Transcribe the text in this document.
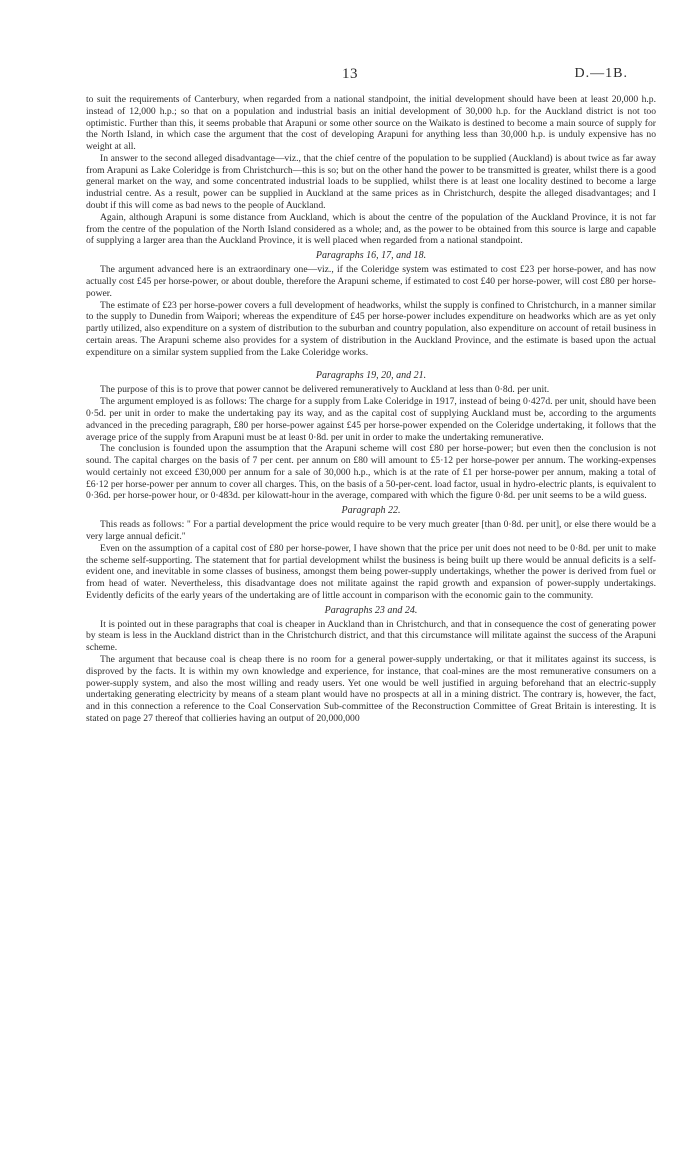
13	D.—1B.

to suit the requirements of Canterbury, when regarded from a national standpoint, the initial development should have been at least 20,000 h.p. instead of 12,000 h.p.; so that on a population and industrial basis an initial development of 30,000 h.p. for the Auckland district is not too optimistic. Further than this, it seems probable that Arapuni or some other source on the Waikato is destined to become a main source of supply for the North Island, in which case the argument that the cost of developing Arapuni for anything less than 30,000 h.p. is unduly expensive has no weight at all.

In answer to the second alleged disadvantage—viz., that the chief centre of the population to be supplied (Auckland) is about twice as far away from Arapuni as Lake Coleridge is from Christchurch—this is so; but on the other hand the power to be transmitted is greater, whilst there is a good general market on the way, and some concentrated industrial loads to be supplied, whilst there is at least one locality destined to become a large industrial centre. As a result, power can be supplied in Auckland at the same prices as in Christchurch, despite the alleged disadvantages; and I doubt if this will come as bad news to the people of Auckland.

Again, although Arapuni is some distance from Auckland, which is about the centre of the population of the Auckland Province, it is not far from the centre of the population of the North Island considered as a whole; and, as the power to be obtained from this source is large and capable of supplying a larger area than the Auckland Province, it is well placed when regarded from a national standpoint.

Paragraphs 16, 17, and 18.

The argument advanced here is an extraordinary one—viz., if the Coleridge system was estimated to cost £23 per horse-power, and has now actually cost £45 per horse-power, or about double, therefore the Arapuni scheme, if estimated to cost £40 per horse-power, will cost £80 per horse-power.

The estimate of £23 per horse-power covers a full development of headworks, whilst the supply is confined to Christchurch, in a manner similar to the supply to Dunedin from Waipori; whereas the expenditure of £45 per horse-power includes expenditure on headworks which are as yet only partly utilized, also expenditure on a system of distribution to the suburban and country population, also expenditure on account of retail business in certain areas. The Arapuni scheme also provides for a system of distribution in the Auckland Province, and the estimate is based upon the actual expenditure on a similar system supplied from the Lake Coleridge works.

Paragraphs 19, 20, and 21.

The purpose of this is to prove that power cannot be delivered remuneratively to Auckland at less than 0·8d. per unit.

The argument employed is as follows: The charge for a supply from Lake Coleridge in 1917, instead of being 0·427d. per unit, should have been 0·5d. per unit in order to make the undertaking pay its way, and as the capital cost of supplying Auckland must be, according to the arguments advanced in the preceding paragraph, £80 per horse-power against £45 per horse-power expended on the Coleridge undertaking, it follows that the average price of the supply from Arapuni must be at least 0·8d. per unit in order to make the undertaking remunerative.

The conclusion is founded upon the assumption that the Arapuni scheme will cost £80 per horse-power; but even then the conclusion is not sound. The capital charges on the basis of 7 per cent. per annum on £80 will amount to £5·12 per horse-power per annum. The working-expenses would certainly not exceed £30,000 per annum for a sale of 30,000 h.p., which is at the rate of £1 per horse-power per annum, making a total of £6·12 per horse-power per annum to cover all charges. This, on the basis of a 50-per-cent. load factor, usual in hydro-electric plants, is equivalent to 0·36d. per horse-power hour, or 0·483d. per kilowatt-hour in the average, compared with which the figure 0·8d. per unit seems to be a wild guess.

Paragraph 22.

This reads as follows: " For a partial development the price would require to be very much greater [than 0·8d. per unit], or else there would be a very large annual deficit."

Even on the assumption of a capital cost of £80 per horse-power, I have shown that the price per unit does not need to be 0·8d. per unit to make the scheme self-supporting. The statement that for partial development whilst the business is being built up there would be annual deficits is a self-evident one, and inevitable in some classes of business, amongst them being power-supply undertakings, whether the power is derived from fuel or from head of water. Nevertheless, this disadvantage does not militate against the rapid growth and expansion of power-supply undertakings. Evidently deficits of the early years of the undertaking are of little account in comparison with the economic gain to the community.

Paragraphs 23 and 24.

It is pointed out in these paragraphs that coal is cheaper in Auckland than in Christchurch, and that in consequence the cost of generating power by steam is less in the Auckland district than in the Christchurch district, and that this circumstance will militate against the success of the Arapuni scheme.

The argument that because coal is cheap there is no room for a general power-supply undertaking, or that it militates against its success, is disproved by the facts. It is within my own knowledge and experience, for instance, that coal-mines are the most remunerative consumers on a power-supply system, and also the most willing and ready users. Yet one would be well justified in arguing beforehand that an electric-supply undertaking generating electricity by means of a steam plant would have no prospects at all in a mining district. The contrary is, however, the fact, and in this connection a reference to the Coal Conservation Sub-committee of the Reconstruction Committee of Great Britain is interesting. It is stated on page 27 thereof that collieries having an output of 20,000,000
